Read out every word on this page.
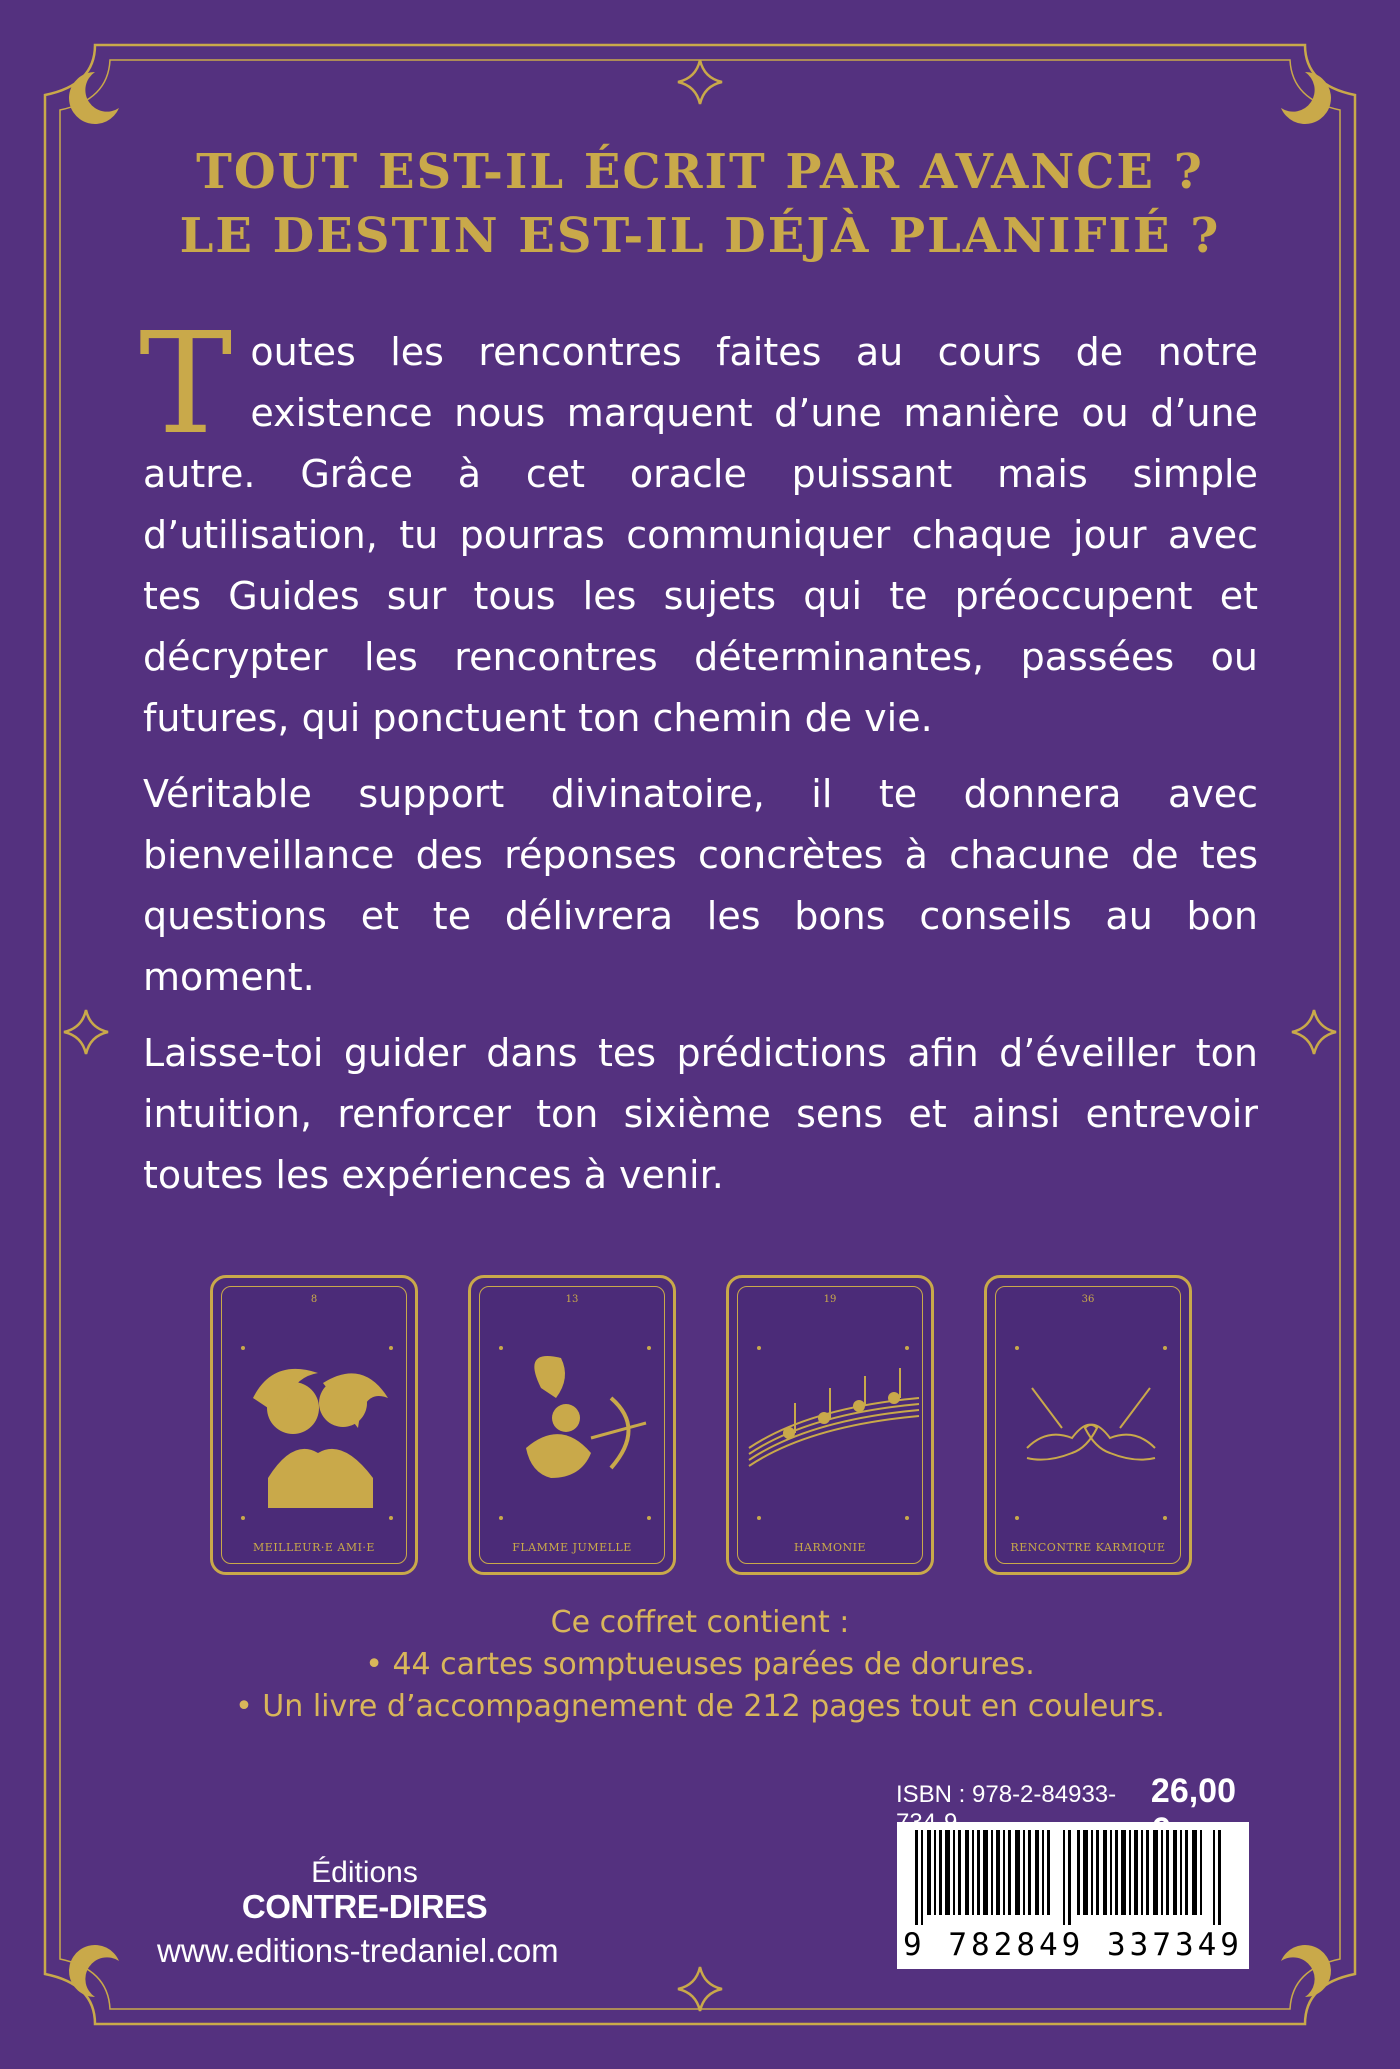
TOUT EST-IL ÉCRIT PAR AVANCE ?
LE DESTIN EST-IL DÉJÀ PLANIFIÉ ?

Toutes les rencontres faites au cours de notre existence nous marquent d’une manière ou d’une autre. Grâce à cet oracle puissant mais simple d’utilisation, tu pourras communiquer chaque jour avec tes Guides sur tous les sujets qui te préoccupent et décrypter les rencontres déterminantes, passées ou futures, qui ponctuent ton chemin de vie.

Véritable support divinatoire, il te donnera avec bienveillance des réponses concrètes à chacune de tes questions et te délivrera les bons conseils au bon moment.

Laisse-toi guider dans tes prédictions afin d’éveiller ton intuition, renforcer ton sixième sens et ainsi entrevoir toutes les expériences à venir.

8
MEILLEUR·E AMI·E
13
FLAMME JUMELLE
19
HARMONIE
36
RENCONTRE KARMIQUE
Ce coffret contient :
• 44 cartes somptueuses parées de dorures.
• Un livre d’accompagnement de 212 pages tout en couleurs.
ISBN : 978-2-84933-	26,00
9 782849 337349
Éditions
CONTRE-DIRES
www.editions-tredaniel.com
